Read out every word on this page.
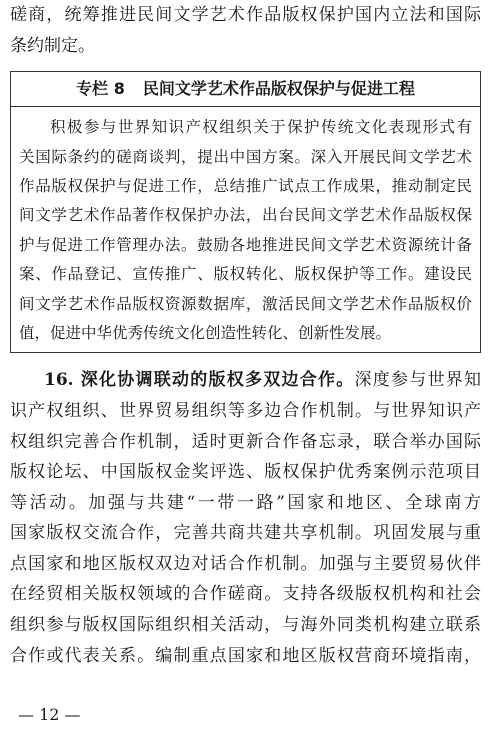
磋商，统筹推进民间文学艺术作品版权保护国内立法和国际
条约制定。
专栏 8 民间文学艺术作品版权保护与促进工程
积极参与世界知识产权组织关于保护传统文化表现形式有
关国际条约的磋商谈判，提出中国方案。深入开展民间文学艺术
作品版权保护与促进工作，总结推广试点工作成果，推动制定民
间文学艺术作品著作权保护办法，出台民间文学艺术作品版权保
护与促进工作管理办法。鼓励各地推进民间文学艺术资源统计备
案、作品登记、宣传推广、版权转化、版权保护等工作。建设民
间文学艺术作品版权资源数据库，激活民间文学艺术作品版权价
值，促进中华优秀传统文化创造性转化、创新性发展。
16. 深化协调联动的版权多双边合作。深度参与世界知
识产权组织、世界贸易组织等多边合作机制。与世界知识产
权组织完善合作机制，适时更新合作备忘录，联合举办国际
版权论坛、中国版权金奖评选、版权保护优秀案例示范项目
等活动。加强与共建“一带一路”国家和地区、全球南方
国家版权交流合作，完善共商共建共享机制。巩固发展与重
点国家和地区版权双边对话合作机制。加强与主要贸易伙伴
在经贸相关版权领域的合作磋商。支持各级版权机构和社会
组织参与版权国际组织相关活动，与海外同类机构建立联系
合作或代表关系。编制重点国家和地区版权营商环境指南，
— 12 —
